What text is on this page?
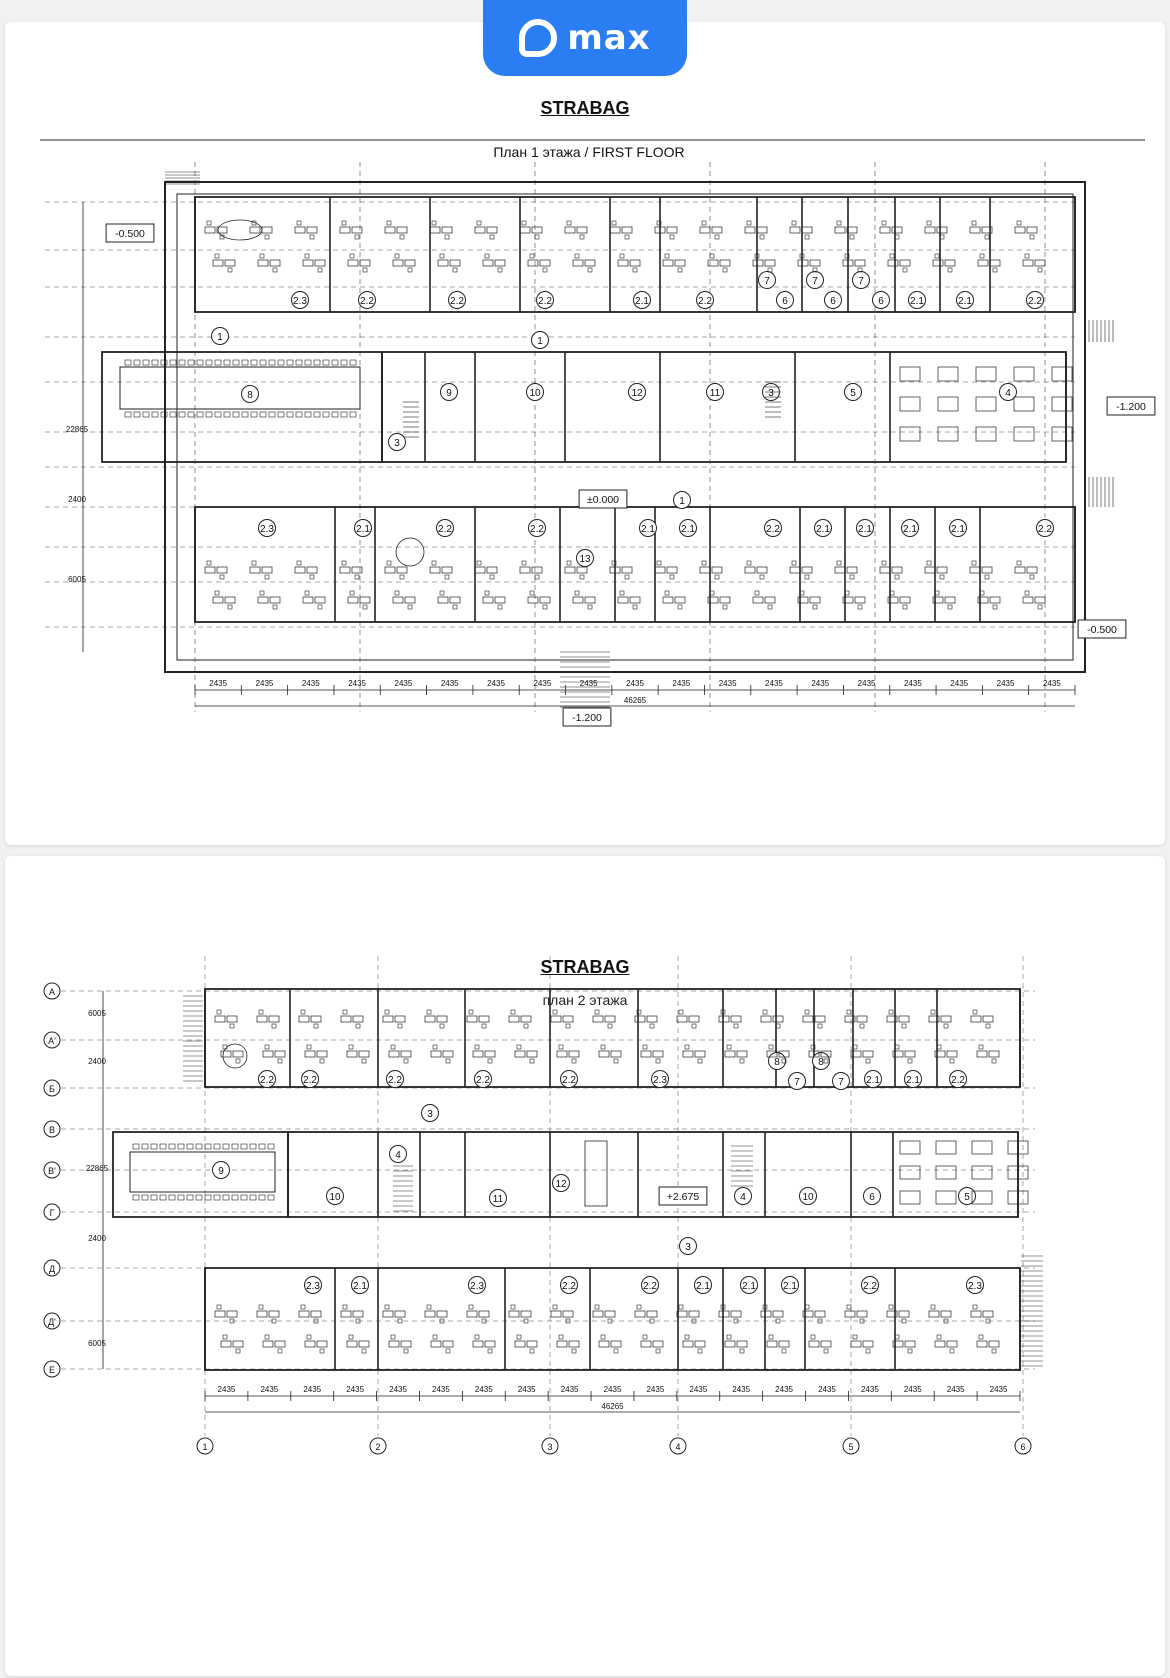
STRABAG
План 1 этажа / FIRST FLOOR
2.3	2.2	2.2	2.2	2.1	2.2
7
6
7
6
7
6	2.1	2.1	2.2
8
3
9	10	12	11	3	5	4
2.3	2.1	2.2	2.2
13
2.1	2.1	2.2	2.1	2.1	2.1	2.1	2.2
1	1
1
-0.500
-1.200
±0.000
-0.500
-1.200
2435	2435	2435	2435	2435	2435	2435	2435	2435	2435	2435	2435	2435	2435	2435	2435	2435	2435	2435
46265
22865
2400
6005
max
STRABAG
план 2 этажа
А
А'
Б
В
В'
Г
Д
Д'
Е
1	2	3	4	5	6
2.2	2.2	2.2	2.2	2.2	2.3
8
7
8
7 2.1	2.1	2.2
9
10
4
11
12
4	10	6	5
+2.675
2.3	2.1	2.3	2.2	2.2	2.1	2.1	2.1	2.2	2.3
3
3
2435	2435	2435	2435	2435	2435	2435	2435	2435	2435	2435	2435	2435	2435	2435	2435	2435	2435	2435
46265
6005
2400
22865
2400
6005
